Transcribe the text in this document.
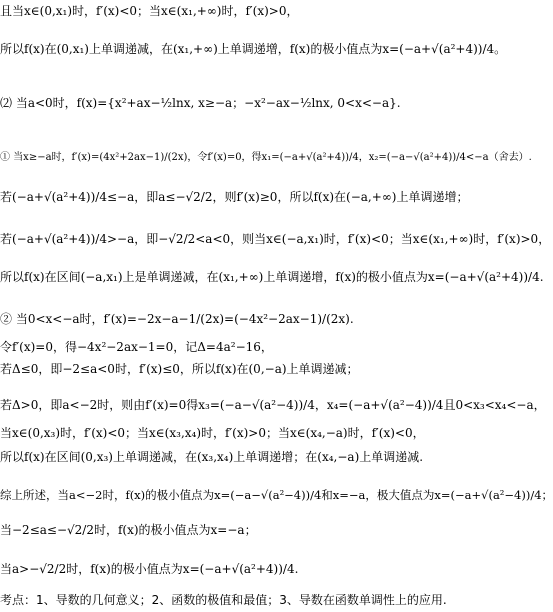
且当x∈(0,x₁)时，f′(x)<0；当x∈(x₁,+∞)时，f′(x)>0，
所以f(x)在(0,x₁)上单调递减，在(x₁,+∞)上单调递增，f(x)的极小值点为x=(−a+√(a²+4))/4。
⑵ 当a<0时，f(x)={x²+ax−½lnx, x≥−a；−x²−ax−½lnx, 0<x<−a}.
① 当x≥−a时，f′(x)=(4x²+2ax−1)/(2x)，令f′(x)=0，得x₁=(−a+√(a²+4))/4，x₂=(−a−√(a²+4))/4<−a（舍去）.
若(−a+√(a²+4))/4≤−a，即a≤−√2/2，则f′(x)≥0，所以f(x)在(−a,+∞)上单调递增；
若(−a+√(a²+4))/4>−a，即−√2/2<a<0，则当x∈(−a,x₁)时，f′(x)<0；当x∈(x₁,+∞)时，f′(x)>0，
所以f(x)在区间(−a,x₁)上是单调递减，在(x₁,+∞)上单调递增，f(x)的极小值点为x=(−a+√(a²+4))/4.
② 当0<x<−a时，f′(x)=−2x−a−1/(2x)=(−4x²−2ax−1)/(2x).
令f′(x)=0，得−4x²−2ax−1=0，记Δ=4a²−16，
若Δ≤0，即−2≤a<0时，f′(x)≤0，所以f(x)在(0,−a)上单调递减；
若Δ>0，即a<−2时，则由f′(x)=0得x₃=(−a−√(a²−4))/4，x₄=(−a+√(a²−4))/4且0<x₃<x₄<−a，
当x∈(0,x₃)时，f′(x)<0；当x∈(x₃,x₄)时，f′(x)>0；当x∈(x₄,−a)时，f′(x)<0，
所以f(x)在区间(0,x₃)上单调递减，在(x₃,x₄)上单调递增；在(x₄,−a)上单调递减.
综上所述，当a<−2时，f(x)的极小值点为x=(−a−√(a²−4))/4和x=−a，极大值点为x=(−a+√(a²−4))/4；
当−2≤a≤−√2/2时，f(x)的极小值点为x=−a；
当a>−√2/2时，f(x)的极小值点为x=(−a+√(a²+4))/4.
考点：1、导数的几何意义；2、函数的极值和最值；3、导数在函数单调性上的应用.
